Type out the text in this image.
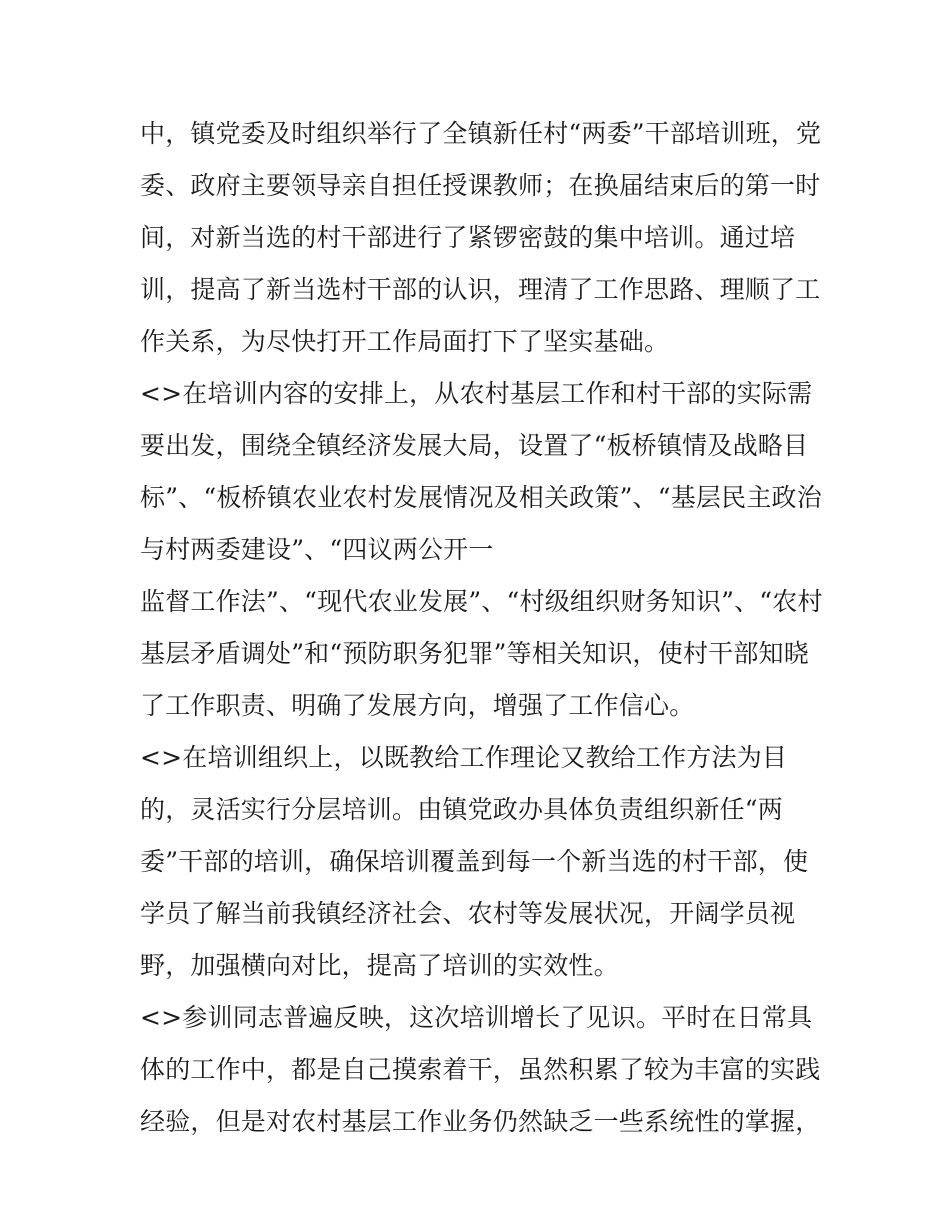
中，镇党委及时组织举行了全镇新任村“两委”干部培训班，党
委、政府主要领导亲自担任授课教师；在换届结束后的第一时
间，对新当选的村干部进行了紧锣密鼓的集中培训。通过培
训，提高了新当选村干部的认识，理清了工作思路、理顺了工
作关系，为尽快打开工作局面打下了坚实基础。
<>在培训内容的安排上，从农村基层工作和村干部的实际需
要出发，围绕全镇经济发展大局，设置了“板桥镇情及战略目
标”、“板桥镇农业农村发展情况及相关政策”、“基层民主政治
与村两委建设”、“四议两公开一
监督工作法”、“现代农业发展”、“村级组织财务知识”、“农村
基层矛盾调处”和“预防职务犯罪”等相关知识，使村干部知晓
了工作职责、明确了发展方向，增强了工作信心。
<>在培训组织上，以既教给工作理论又教给工作方法为目
的，灵活实行分层培训。由镇党政办具体负责组织新任“两
委”干部的培训，确保培训覆盖到每一个新当选的村干部，使
学员了解当前我镇经济社会、农村等发展状况，开阔学员视
野，加强横向对比，提高了培训的实效性。
<>参训同志普遍反映，这次培训增长了见识。平时在日常具
体的工作中，都是自己摸索着干，虽然积累了较为丰富的实践
经验，但是对农村基层工作业务仍然缺乏一些系统性的掌握，
